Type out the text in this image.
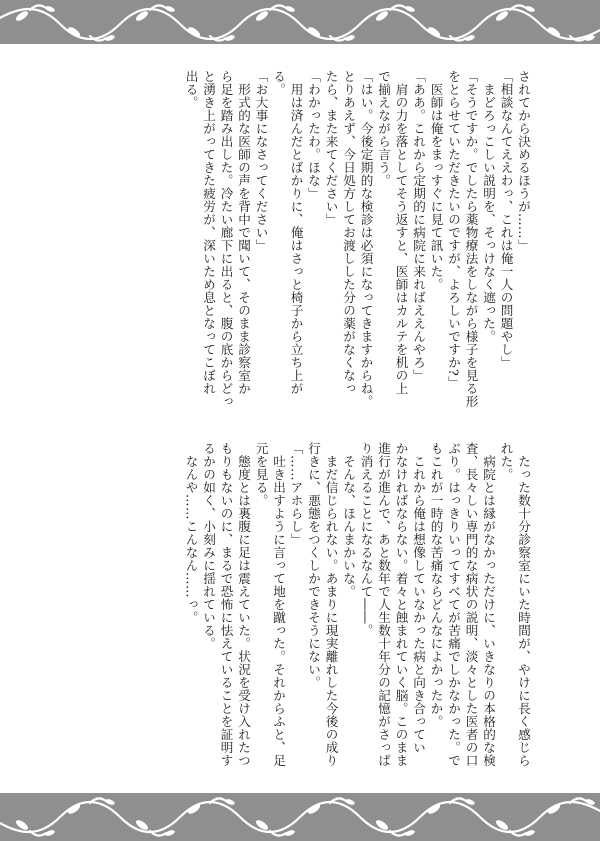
されてから決めるほうが……」

「相談なんてええわっ、これは俺一人の問題やし」

　まどろっこしい説明を、そっけなく遮った。

「そうですか。でしたら薬物療法をしながら様子を見る形

をとらせていただきたいのですが、よろしいですか?」

　医師は俺をまっすぐに見て訊いた。

「ああ。これから定期的に病院に来ればええんやろ」

　肩の力を落としてそう返すと、医師はカルテを机の上

で揃えながら言う。

「はい。今後定期的な検診は必須になってきますからね。

とりあえず、今日処方してお渡しした分の薬がなくなっ

たら、また来てください」

「わかったわ。ほな」

　用は済んだとばかりに、俺はさっと椅子から立ち上が

る。

「お大事になさってください」

　形式的な医師の声を背中で聞いて、そのまま診察室か

ら足を踏み出した。冷たい廊下に出ると、腹の底からどっ

と湧き上がってきた疲労が、深いため息となってこぼれ

出る。

　たった数十分診察室にいた時間が、やけに長く感じら

れた。

　病院とは縁がなかっただけに、いきなりの本格的な検

査、長々しい専門的な病状の説明、淡々とした医者の口

ぶり。はっきりいってすべてが苦痛でしかなかった。で

もこれが一時的な苦痛ならどんなによかったか。

　これから俺は想像していなかった病と向き合ってい

かなければならない。着々と蝕まれていく脳。このまま

進行が進んで、あと数年で人生数十年分の記憶がさっぱ

り消えることになるなんて――。

　そんな、ほんまかいな。

　まだ信じられない。あまりに現実離れした今後の成り

行きに、悪態をつくしかできそうにない。

「……アホらし」

　吐き出すように言って地を蹴った。それからふと、足

元を見る。

　態度とは裏腹に足は震えていた。状況を受け入れたつ

もりもないのに、まるで恐怖に怯えていることを証明す

るかの如く、小刻みに揺れている。

　なんや……こんなん……っ。
